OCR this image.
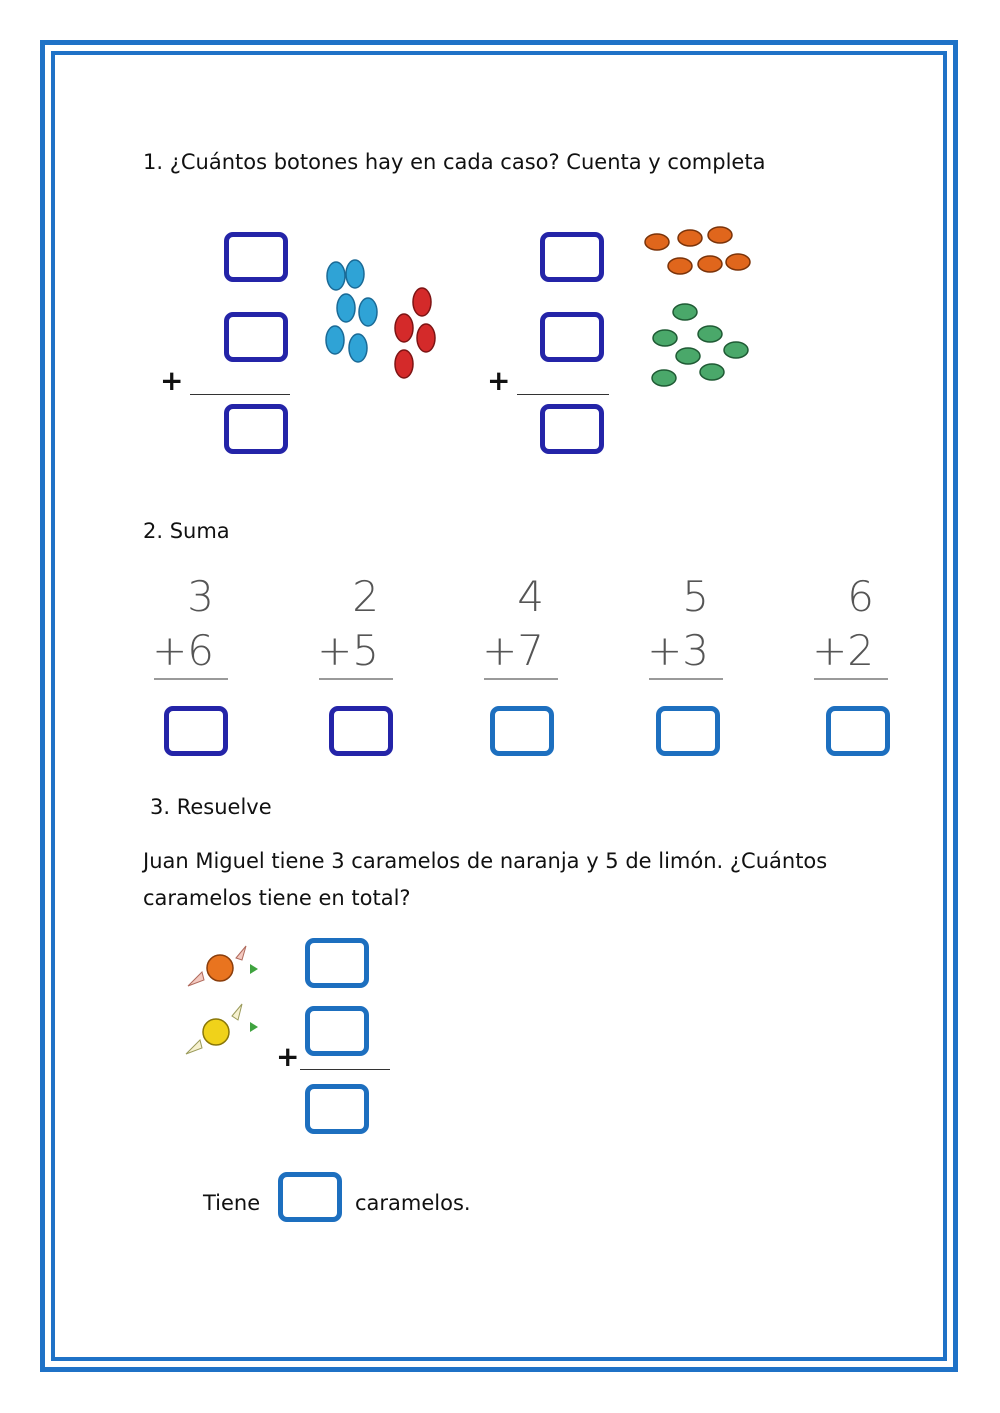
1. ¿Cuántos botones hay en cada caso? Cuenta y completa
+	+
2. Suma
3
+6
2
+5
4
+7
5
+3
6
+2
3. Resuelve
Juan Miguel tiene 3 caramelos de naranja y 5 de limón. ¿Cuántos
caramelos tiene en total?
+
Tiene	caramelos.
